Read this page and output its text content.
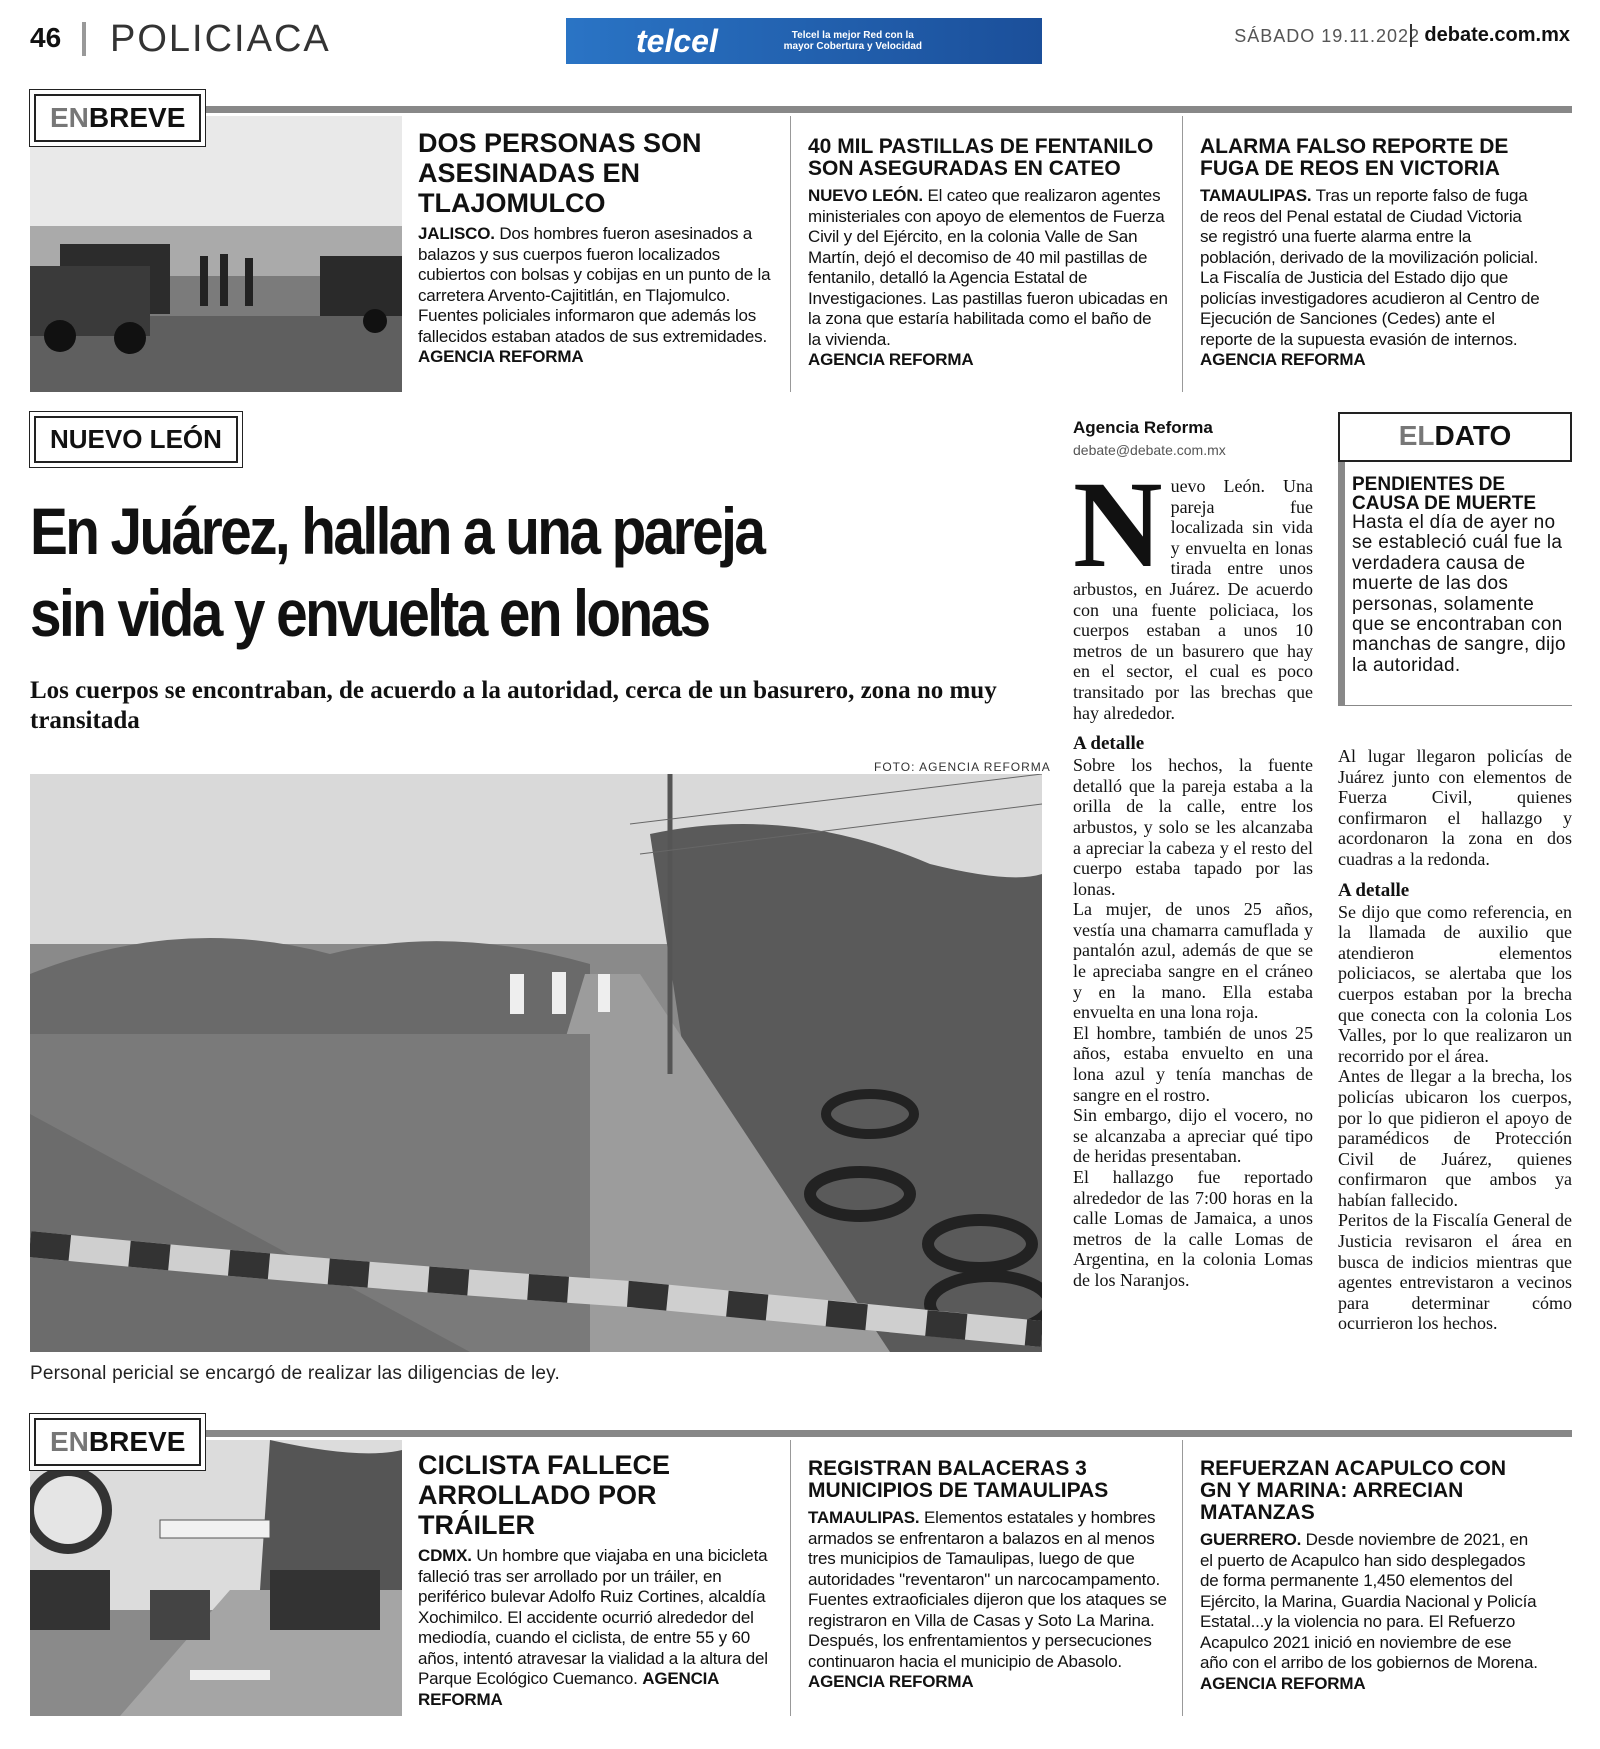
46 POLICIACA	telcel	Telcel la mejor Red con la mayor Cobertura y Velocidad
SÁBADO 19.11.2022 debate.com.mx
ENBREVE
DOS PERSONAS SON ASESINADAS EN TLAJOMULCO
JALISCO. Dos hombres fueron asesinados a balazos y sus cuerpos fueron localizados cubiertos con bolsas y cobijas en un punto de la carretera Arvento-Cajititlán, en Tlajomulco. Fuentes policiales informaron que además los fallecidos estaban atados de sus extremidades.
AGENCIA REFORMA
40 MIL PASTILLAS DE FENTANILO SON ASEGURADAS EN CATEO
NUEVO LEÓN. El cateo que realizaron agentes ministeriales con apoyo de elementos de Fuerza Civil y del Ejército, en la colonia Valle de San Martín, dejó el decomiso de 40 mil pastillas de fentanilo, detalló la Agencia Estatal de Investigaciones. Las pastillas fueron ubicadas en la zona que estaría habilitada como el baño de la vivienda.
AGENCIA REFORMA
ALARMA FALSO REPORTE DE FUGA DE REOS EN VICTORIA
TAMAULIPAS. Tras un reporte falso de fuga de reos del Penal estatal de Ciudad Victoria se registró una fuerte alarma entre la población, derivado de la movilización policial. La Fiscalía de Justicia del Estado dijo que policías investigadores acudieron al Centro de Ejecución de Sanciones (Cedes) ante el reporte de la supuesta evasión de internos.
AGENCIA REFORMA
NUEVO LEÓN
En Juárez, hallan a una pareja
sin vida y envuelta en lonas
Los cuerpos se encontraban, de acuerdo a la autoridad, cerca de un basurero, zona no muy transitada
FOTO: AGENCIA REFORMA
Personal pericial se encargó de realizar las diligencias de ley.
Agencia Reforma
debate@debate.com.mx
N uevo León. Una pareja fue localizada sin vida y envuelta en lonas tirada entre unos arbustos, en Juárez. De acuerdo con una fuente policiaca, los cuerpos estaban a unos 10 metros de un basurero que hay en el sector, el cual es poco transitado por las brechas que hay alrededor.

A detalle

Sobre los hechos, la fuente detalló que la pareja estaba a la orilla de la calle, entre los arbustos, y solo se les alcanzaba a apreciar la cabeza y el resto del cuerpo estaba tapado por las lonas.

La mujer, de unos 25 años, vestía una chamarra camuflada y pantalón azul, además de que se le apreciaba sangre en el cráneo y en la mano. Ella estaba envuelta en una lona roja.

El hombre, también de unos 25 años, estaba envuelto en una lona azul y tenía manchas de sangre en el rostro.

Sin embargo, dijo el vocero, no se alcanzaba a apreciar qué tipo de heridas presentaban.

El hallazgo fue reportado alrededor de las 7:00 horas en la calle Lomas de Jamaica, a unos metros de la calle Lomas de Argentina, en la colonia Lomas de los Naranjos.

ELDATO
PENDIENTES DE CAUSA DE MUERTE
Hasta el día de ayer no se estableció cuál fue la verdadera causa de muerte de las dos personas, solamente que se encontraban con manchas de sangre, dijo la autoridad.

Al lugar llegaron policías de Juárez junto con elementos de Fuerza Civil, quienes confirmaron el hallazgo y acordonaron la zona en dos cuadras a la redonda.

A detalle

Se dijo que como referencia, en la llamada de auxilio que atendieron elementos policiacos, se alertaba que los cuerpos estaban por la brecha que conecta con la colonia Los Valles, por lo que realizaron un recorrido por el área.

Antes de llegar a la brecha, los policías ubicaron los cuerpos, por lo que pidieron el apoyo de paramédicos de Protección Civil de Juárez, quienes confirmaron que ambos ya habían fallecido.

Peritos de la Fiscalía General de Justicia revisaron el área en busca de indicios mientras que agentes entrevistaron a vecinos para determinar cómo ocurrieron los hechos.

ENBREVE
CICLISTA FALLECE ARROLLADO POR TRÁILER
CDMX. Un hombre que viajaba en una bicicleta falleció tras ser arrollado por un tráiler, en periférico bulevar Adolfo Ruiz Cortines, alcaldía Xochimilco. El accidente ocurrió alrededor del mediodía, cuando el ciclista, de entre 55 y 60 años, intentó atravesar la vialidad a la altura del Parque Ecológico Cuemanco. AGENCIA REFORMA
REGISTRAN BALACERAS 3 MUNICIPIOS DE TAMAULIPAS
TAMAULIPAS. Elementos estatales y hombres armados se enfrentaron a balazos en al menos tres municipios de Tamaulipas, luego de que autoridades "reventaron" un narcocampamento. Fuentes extraoficiales dijeron que los ataques se registraron en Villa de Casas y Soto La Marina. Después, los enfrentamientos y persecuciones continuaron hacia el municipio de Abasolo. AGENCIA REFORMA
REFUERZAN ACAPULCO CON GN Y MARINA: ARRECIAN MATANZAS
GUERRERO. Desde noviembre de 2021, en el puerto de Acapulco han sido desplegados de forma permanente 1,450 elementos del Ejército, la Marina, Guardia Nacional y Policía Estatal...y la violencia no para. El Refuerzo Acapulco 2021 inició en noviembre de ese año con el arribo de los gobiernos de Morena.
AGENCIA REFORMA
